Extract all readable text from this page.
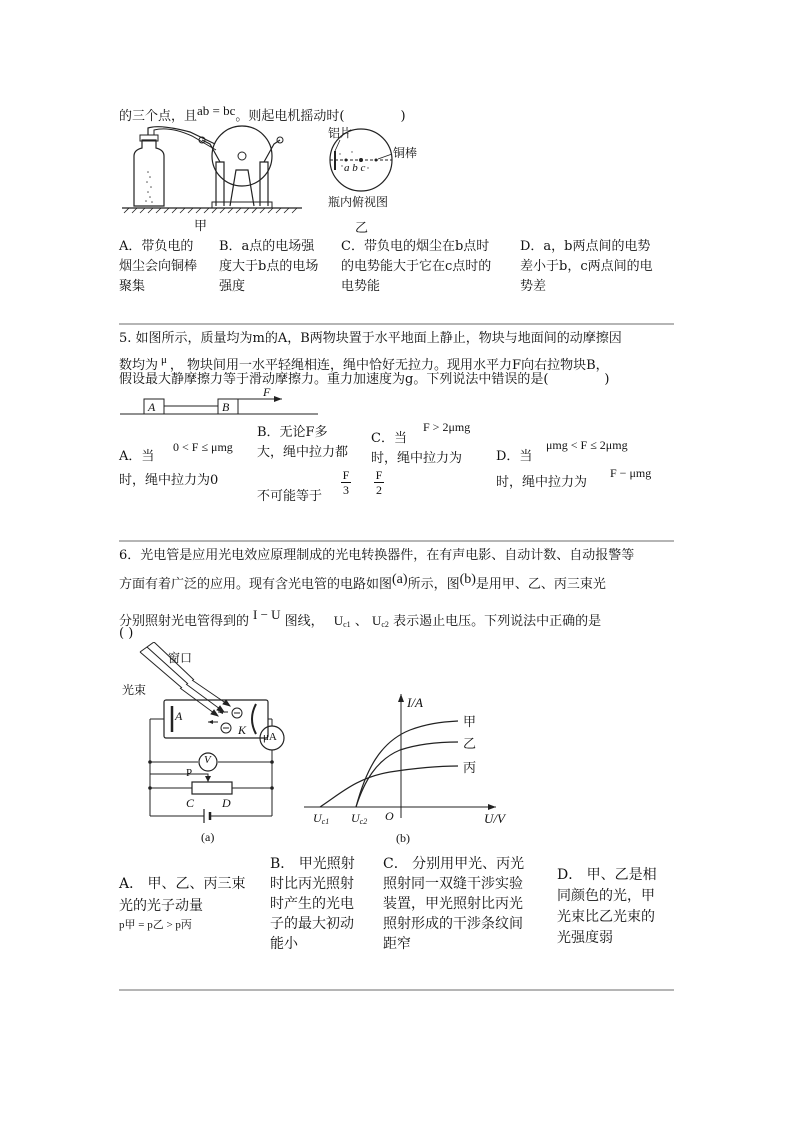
的三个点，且ab = bc。则起电机摇动时(	)
甲
铝片
铜棒
a b c
瓶内俯视图
乙
A．带负电的
烟尘会向铜棒
聚集
B．a点的电场强
度大于b点的电场
强度
C．带负电的烟尘在b点时
的电势能大于它在c点时的
电势能
D．a，b两点间的电势
差小于b，c两点间的电
势差
5. 如图所示，质量均为m的A，B两物块置于水平地面上静止，物块与地面间的动摩擦因
数均为 $^\mu$ ， 物块间用一水平轻绳相连，绳中恰好无拉力。现用水平力F向右拉物块B，
假设最大静摩擦力等于滑动摩擦力。重力加速度为g。下列说法中错误的是(	)
A	B
F
A．当
0 < F ≤ μmg
时，绳中拉力为0
B．无论F多
大，绳中拉力都
不可能等于
F
3
C．当
F > 2μmg
时，绳中拉力为
F
2
D．当
μmg < F ≤ 2μmg
时，绳中拉力为
F − μmg
6．光电管是应用光电效应原理制成的光电转换器件，在有声电影、自动计数、自动报警等
方面有着广泛的应用。现有含光电管的电路如图(a)所示，图(b)是用甲、乙、丙三束光
分别照射光电管得到的 I − U 图线， $U_{c1}$ 、 $U_{c2}$ 表示遏止电压。下列说法中正确的是
( )
窗口
光束
A
K μA
V
P
C D
(a)
I/A
甲
乙
丙
$U_{c1}$ $U_{c2}$ O	U/V
(b)
A． 甲、乙、丙三束
光的光子动量
p甲 = p乙 > p丙
B． 甲光照射
时比丙光照射
时产生的光电
子的最大初动
能小
C． 分别用甲光、丙光
照射同一双缝干涉实验
装置，甲光照射比丙光
照射形成的干涉条纹间
距窄
D． 甲、乙是相
同颜色的光，甲
光束比乙光束的
光强度弱
